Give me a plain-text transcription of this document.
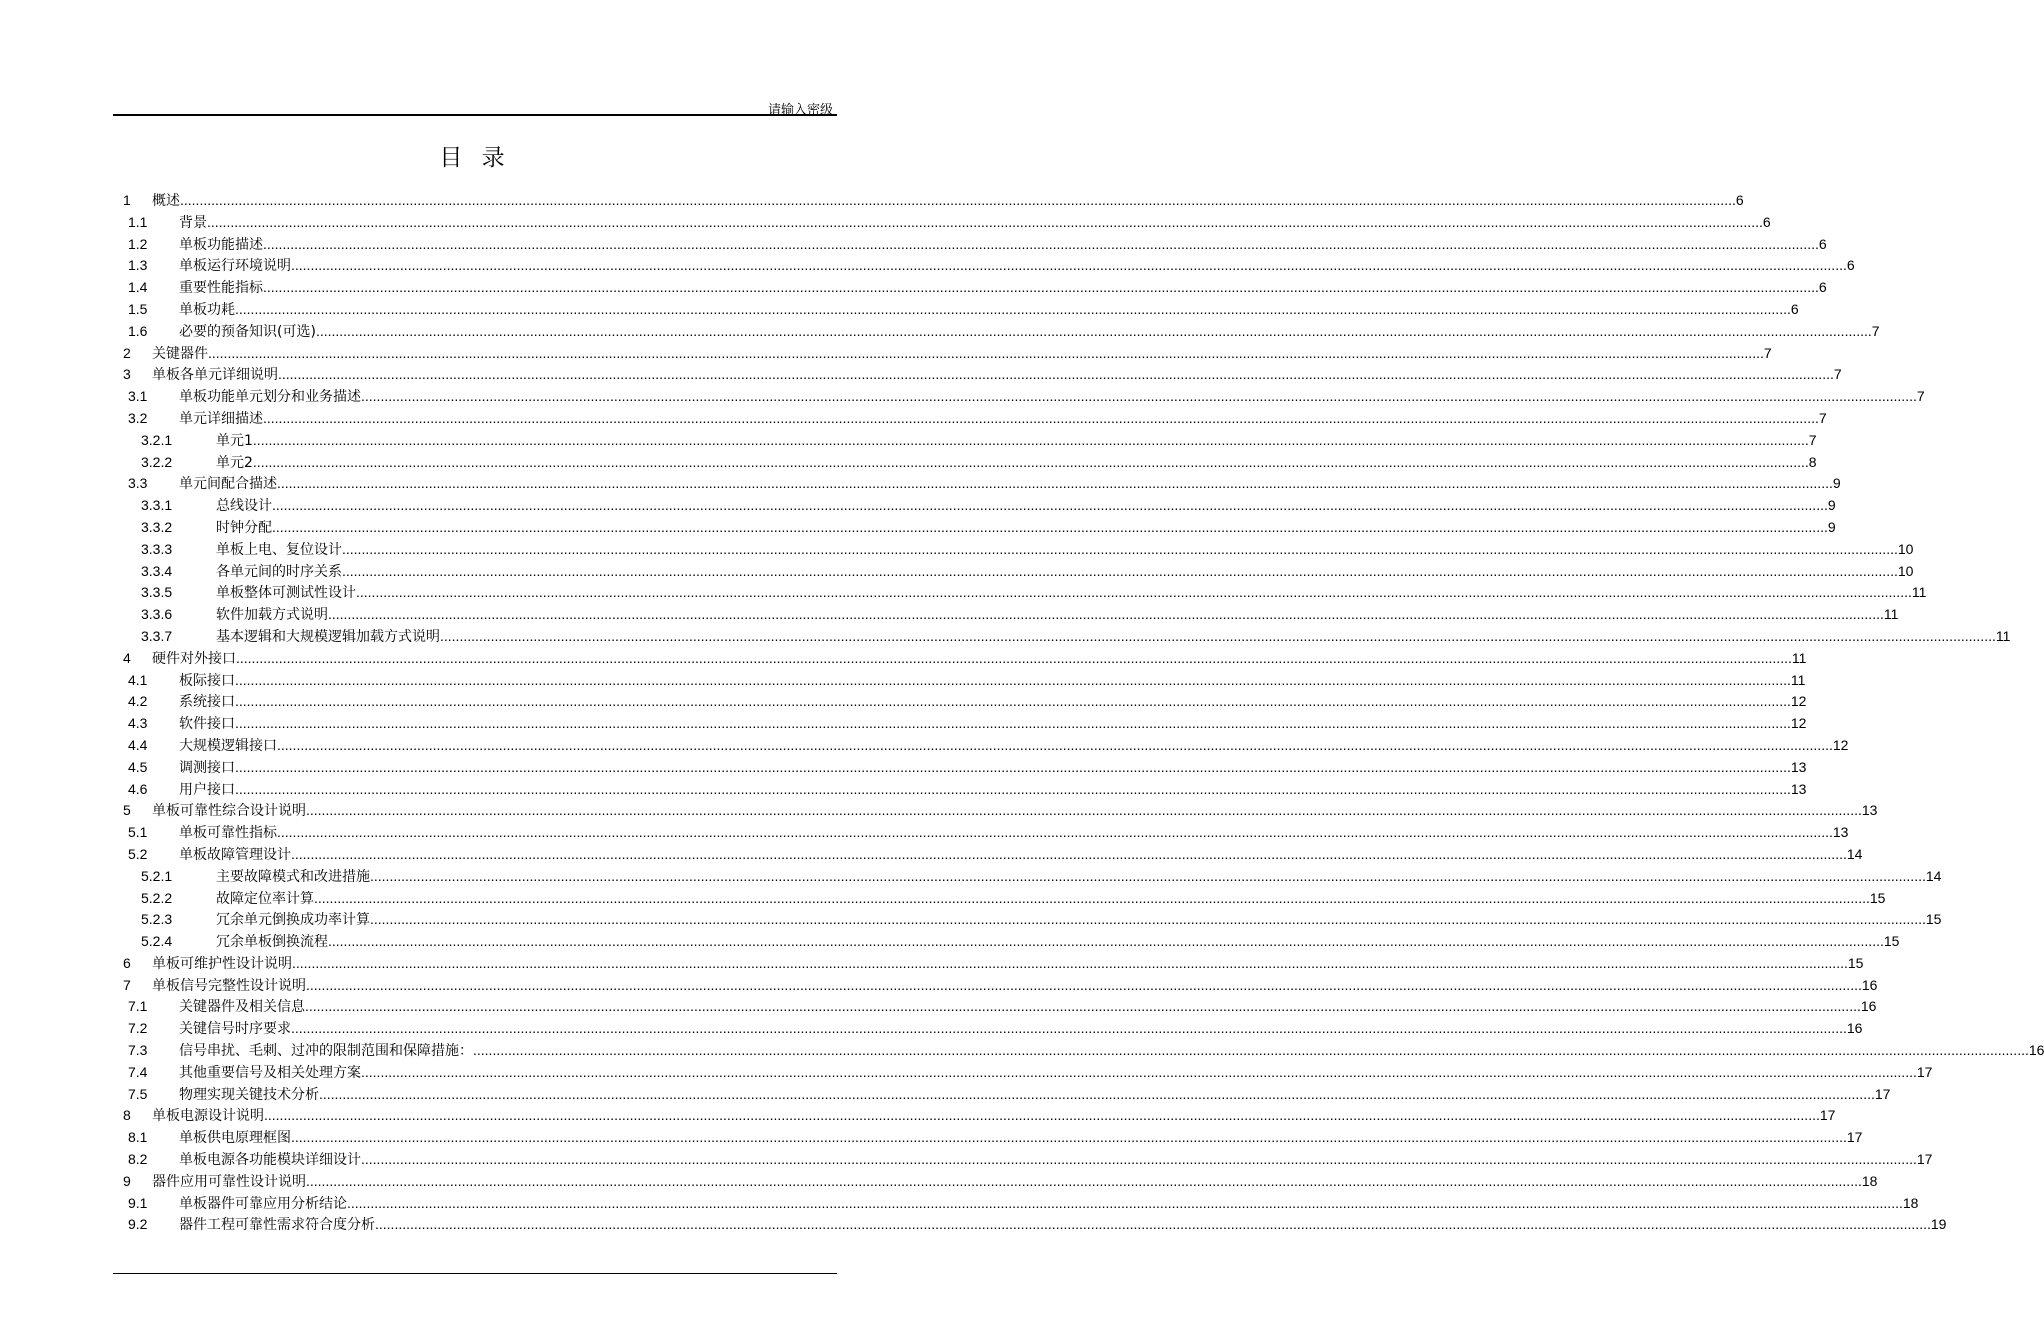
请输入密级
目 录
1 概述 ................................................................................................................................................................................................................................................................................................................................................................................................................ 6
1.1 背景 ................................................................................................................................................................................................................................................................................................................................................................................................................ 6
1.2 单板功能描述 ................................................................................................................................................................................................................................................................................................................................................................................................................ 6
1.3 单板运行环境说明 ................................................................................................................................................................................................................................................................................................................................................................................................................ 6
1.4 重要性能指标 ................................................................................................................................................................................................................................................................................................................................................................................................................ 6
1.5 单板功耗 ................................................................................................................................................................................................................................................................................................................................................................................................................ 6
1.6 必要的预备知识(可选) ................................................................................................................................................................................................................................................................................................................................................................................................................ 7
2 关键器件 ................................................................................................................................................................................................................................................................................................................................................................................................................ 7
3 单板各单元详细说明 ................................................................................................................................................................................................................................................................................................................................................................................................................ 7
3.1 单板功能单元划分和业务描述 ................................................................................................................................................................................................................................................................................................................................................................................................................ 7
3.2 单元详细描述 ................................................................................................................................................................................................................................................................................................................................................................................................................ 7
3.2.1	单元1 ................................................................................................................................................................................................................................................................................................................................................................................................................ 7
3.2.2	单元2 ................................................................................................................................................................................................................................................................................................................................................................................................................ 8
3.3 单元间配合描述 ................................................................................................................................................................................................................................................................................................................................................................................................................ 9
3.3.1	总线设计 ................................................................................................................................................................................................................................................................................................................................................................................................................ 9
3.3.2	时钟分配 ................................................................................................................................................................................................................................................................................................................................................................................................................ 9
3.3.3	单板上电、复位设计 ................................................................................................................................................................................................................................................................................................................................................................................................................ 10
3.3.4	各单元间的时序关系 ................................................................................................................................................................................................................................................................................................................................................................................................................ 10
3.3.5	单板整体可测试性设计 ................................................................................................................................................................................................................................................................................................................................................................................................................ 11
3.3.6	软件加载方式说明 ................................................................................................................................................................................................................................................................................................................................................................................................................ 11
3.3.7	基本逻辑和大规模逻辑加载方式说明 ................................................................................................................................................................................................................................................................................................................................................................................................................ 11
4 硬件对外接口 ................................................................................................................................................................................................................................................................................................................................................................................................................ 11
4.1 板际接口 ................................................................................................................................................................................................................................................................................................................................................................................................................ 11
4.2 系统接口 ................................................................................................................................................................................................................................................................................................................................................................................................................ 12
4.3 软件接口 ................................................................................................................................................................................................................................................................................................................................................................................................................ 12
4.4 大规模逻辑接口 ................................................................................................................................................................................................................................................................................................................................................................................................................ 12
4.5 调测接口 ................................................................................................................................................................................................................................................................................................................................................................................................................ 13
4.6 用户接口 ................................................................................................................................................................................................................................................................................................................................................................................................................ 13
5 单板可靠性综合设计说明 ................................................................................................................................................................................................................................................................................................................................................................................................................ 13
5.1 单板可靠性指标 ................................................................................................................................................................................................................................................................................................................................................................................................................ 13
5.2 单板故障管理设计 ................................................................................................................................................................................................................................................................................................................................................................................................................ 14
5.2.1	主要故障模式和改进措施 ................................................................................................................................................................................................................................................................................................................................................................................................................ 14
5.2.2	故障定位率计算 ................................................................................................................................................................................................................................................................................................................................................................................................................ 15
5.2.3	冗余单元倒换成功率计算 ................................................................................................................................................................................................................................................................................................................................................................................................................ 15
5.2.4	冗余单板倒换流程 ................................................................................................................................................................................................................................................................................................................................................................................................................ 15
6 单板可维护性设计说明 ................................................................................................................................................................................................................................................................................................................................................................................................................ 15
7 单板信号完整性设计说明 ................................................................................................................................................................................................................................................................................................................................................................................................................ 16
7.1 关键器件及相关信息 ................................................................................................................................................................................................................................................................................................................................................................................................................ 16
7.2 关键信号时序要求 ................................................................................................................................................................................................................................................................................................................................................................................................................ 16
7.3 信号串扰、毛刺、过冲的限制范围和保障措施： ................................................................................................................................................................................................................................................................................................................................................................................................................ 16
7.4 其他重要信号及相关处理方案 ................................................................................................................................................................................................................................................................................................................................................................................................................ 17
7.5 物理实现关键技术分析 ................................................................................................................................................................................................................................................................................................................................................................................................................ 17
8 单板电源设计说明 ................................................................................................................................................................................................................................................................................................................................................................................................................ 17
8.1 单板供电原理框图 ................................................................................................................................................................................................................................................................................................................................................................................................................ 17
8.2 单板电源各功能模块详细设计 ................................................................................................................................................................................................................................................................................................................................................................................................................ 17
9 器件应用可靠性设计说明 ................................................................................................................................................................................................................................................................................................................................................................................................................ 18
9.1 单板器件可靠应用分析结论 ................................................................................................................................................................................................................................................................................................................................................................................................................ 18
9.2 器件工程可靠性需求符合度分析 ................................................................................................................................................................................................................................................................................................................................................................................................................ 19
